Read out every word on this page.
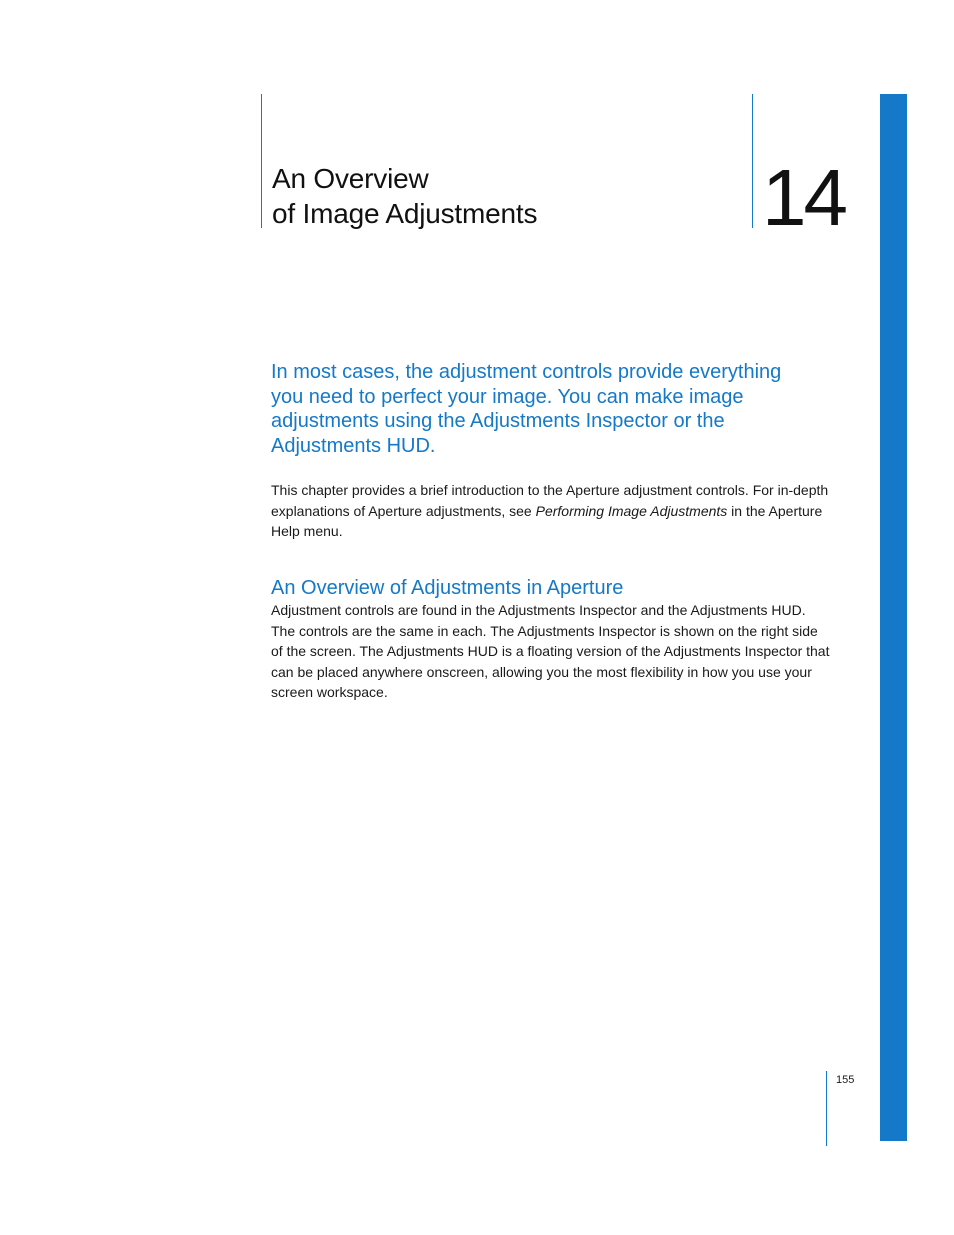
An Overview
of Image Adjustments	14

In most cases, the adjustment controls provide everything you need to perfect your image. You can make image adjustments using the Adjustments Inspector or the Adjustments HUD.

This chapter provides a brief introduction to the Aperture adjustment controls. For in-depth explanations of Aperture adjustments, see Performing Image Adjustments in the Aperture Help menu.

An Overview of Adjustments in Aperture

Adjustment controls are found in the Adjustments Inspector and the Adjustments HUD. The controls are the same in each. The Adjustments Inspector is shown on the right side of the screen. The Adjustments HUD is a floating version of the Adjustments Inspector that can be placed anywhere onscreen, allowing you the most flexibility in how you use your screen workspace.

155
